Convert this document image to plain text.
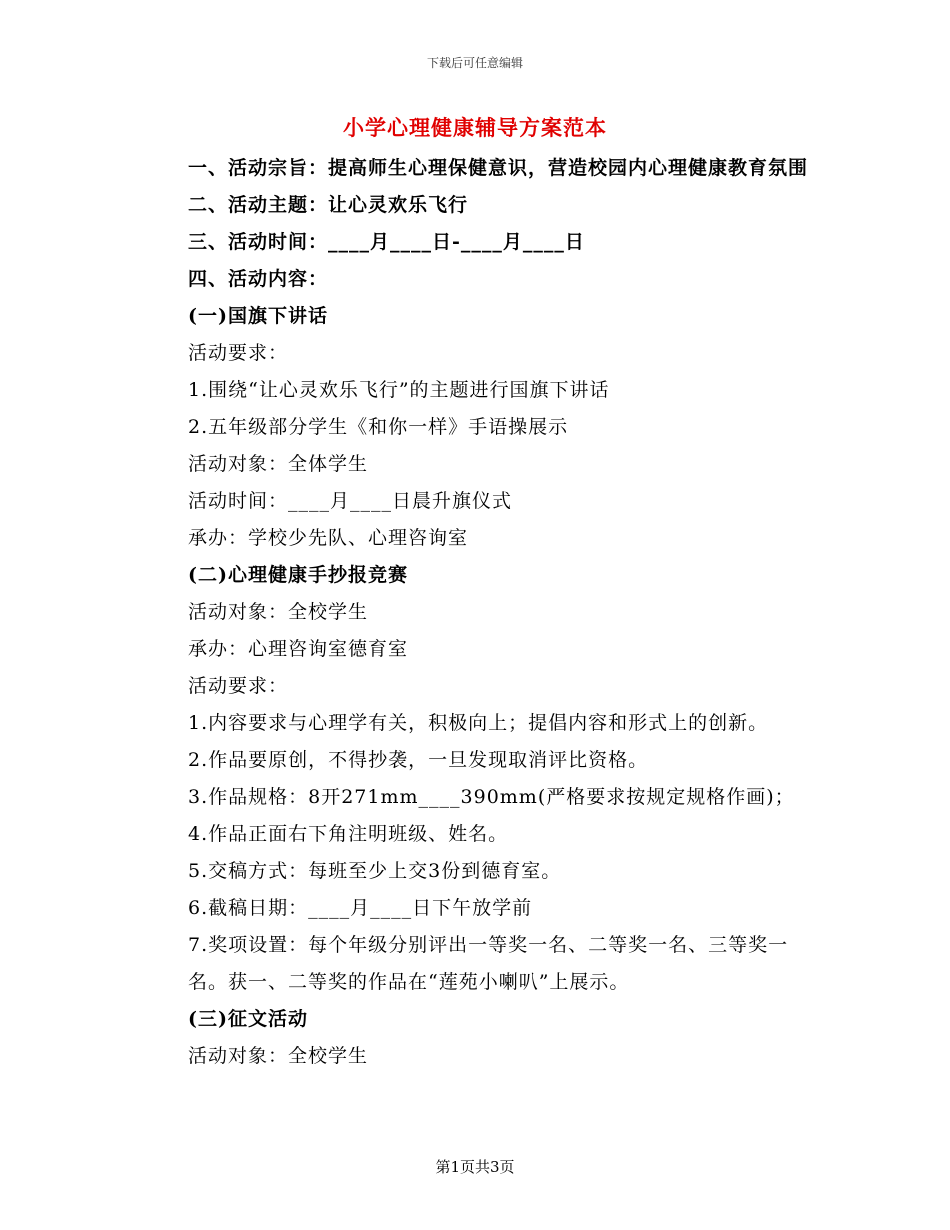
下载后可任意编辑
小学心理健康辅导方案范本
一、活动宗旨：提高师生心理保健意识，营造校园内心理健康教育氛围
二、活动主题：让心灵欢乐飞行
三、活动时间：____月____日-____月____日
四、活动内容：
(一)国旗下讲话
活动要求：
1.围绕“让心灵欢乐飞行”的主题进行国旗下讲话
2.五年级部分学生《和你一样》手语操展示
活动对象：全体学生
活动时间：____月____日晨升旗仪式
承办：学校少先队、心理咨询室
(二)心理健康手抄报竞赛
活动对象：全校学生
承办：心理咨询室德育室
活动要求：
1.内容要求与心理学有关，积极向上；提倡内容和形式上的创新。
2.作品要原创，不得抄袭，一旦发现取消评比资格。
3.作品规格：8开271mm____390mm(严格要求按规定规格作画)；
4.作品正面右下角注明班级、姓名。
5.交稿方式：每班至少上交3份到德育室。
6.截稿日期：____月____日下午放学前
7.奖项设置：每个年级分别评出一等奖一名、二等奖一名、三等奖一名。获一、二等奖的作品在“莲苑小喇叭”上展示。
(三)征文活动
活动对象：全校学生
第1页共3页
